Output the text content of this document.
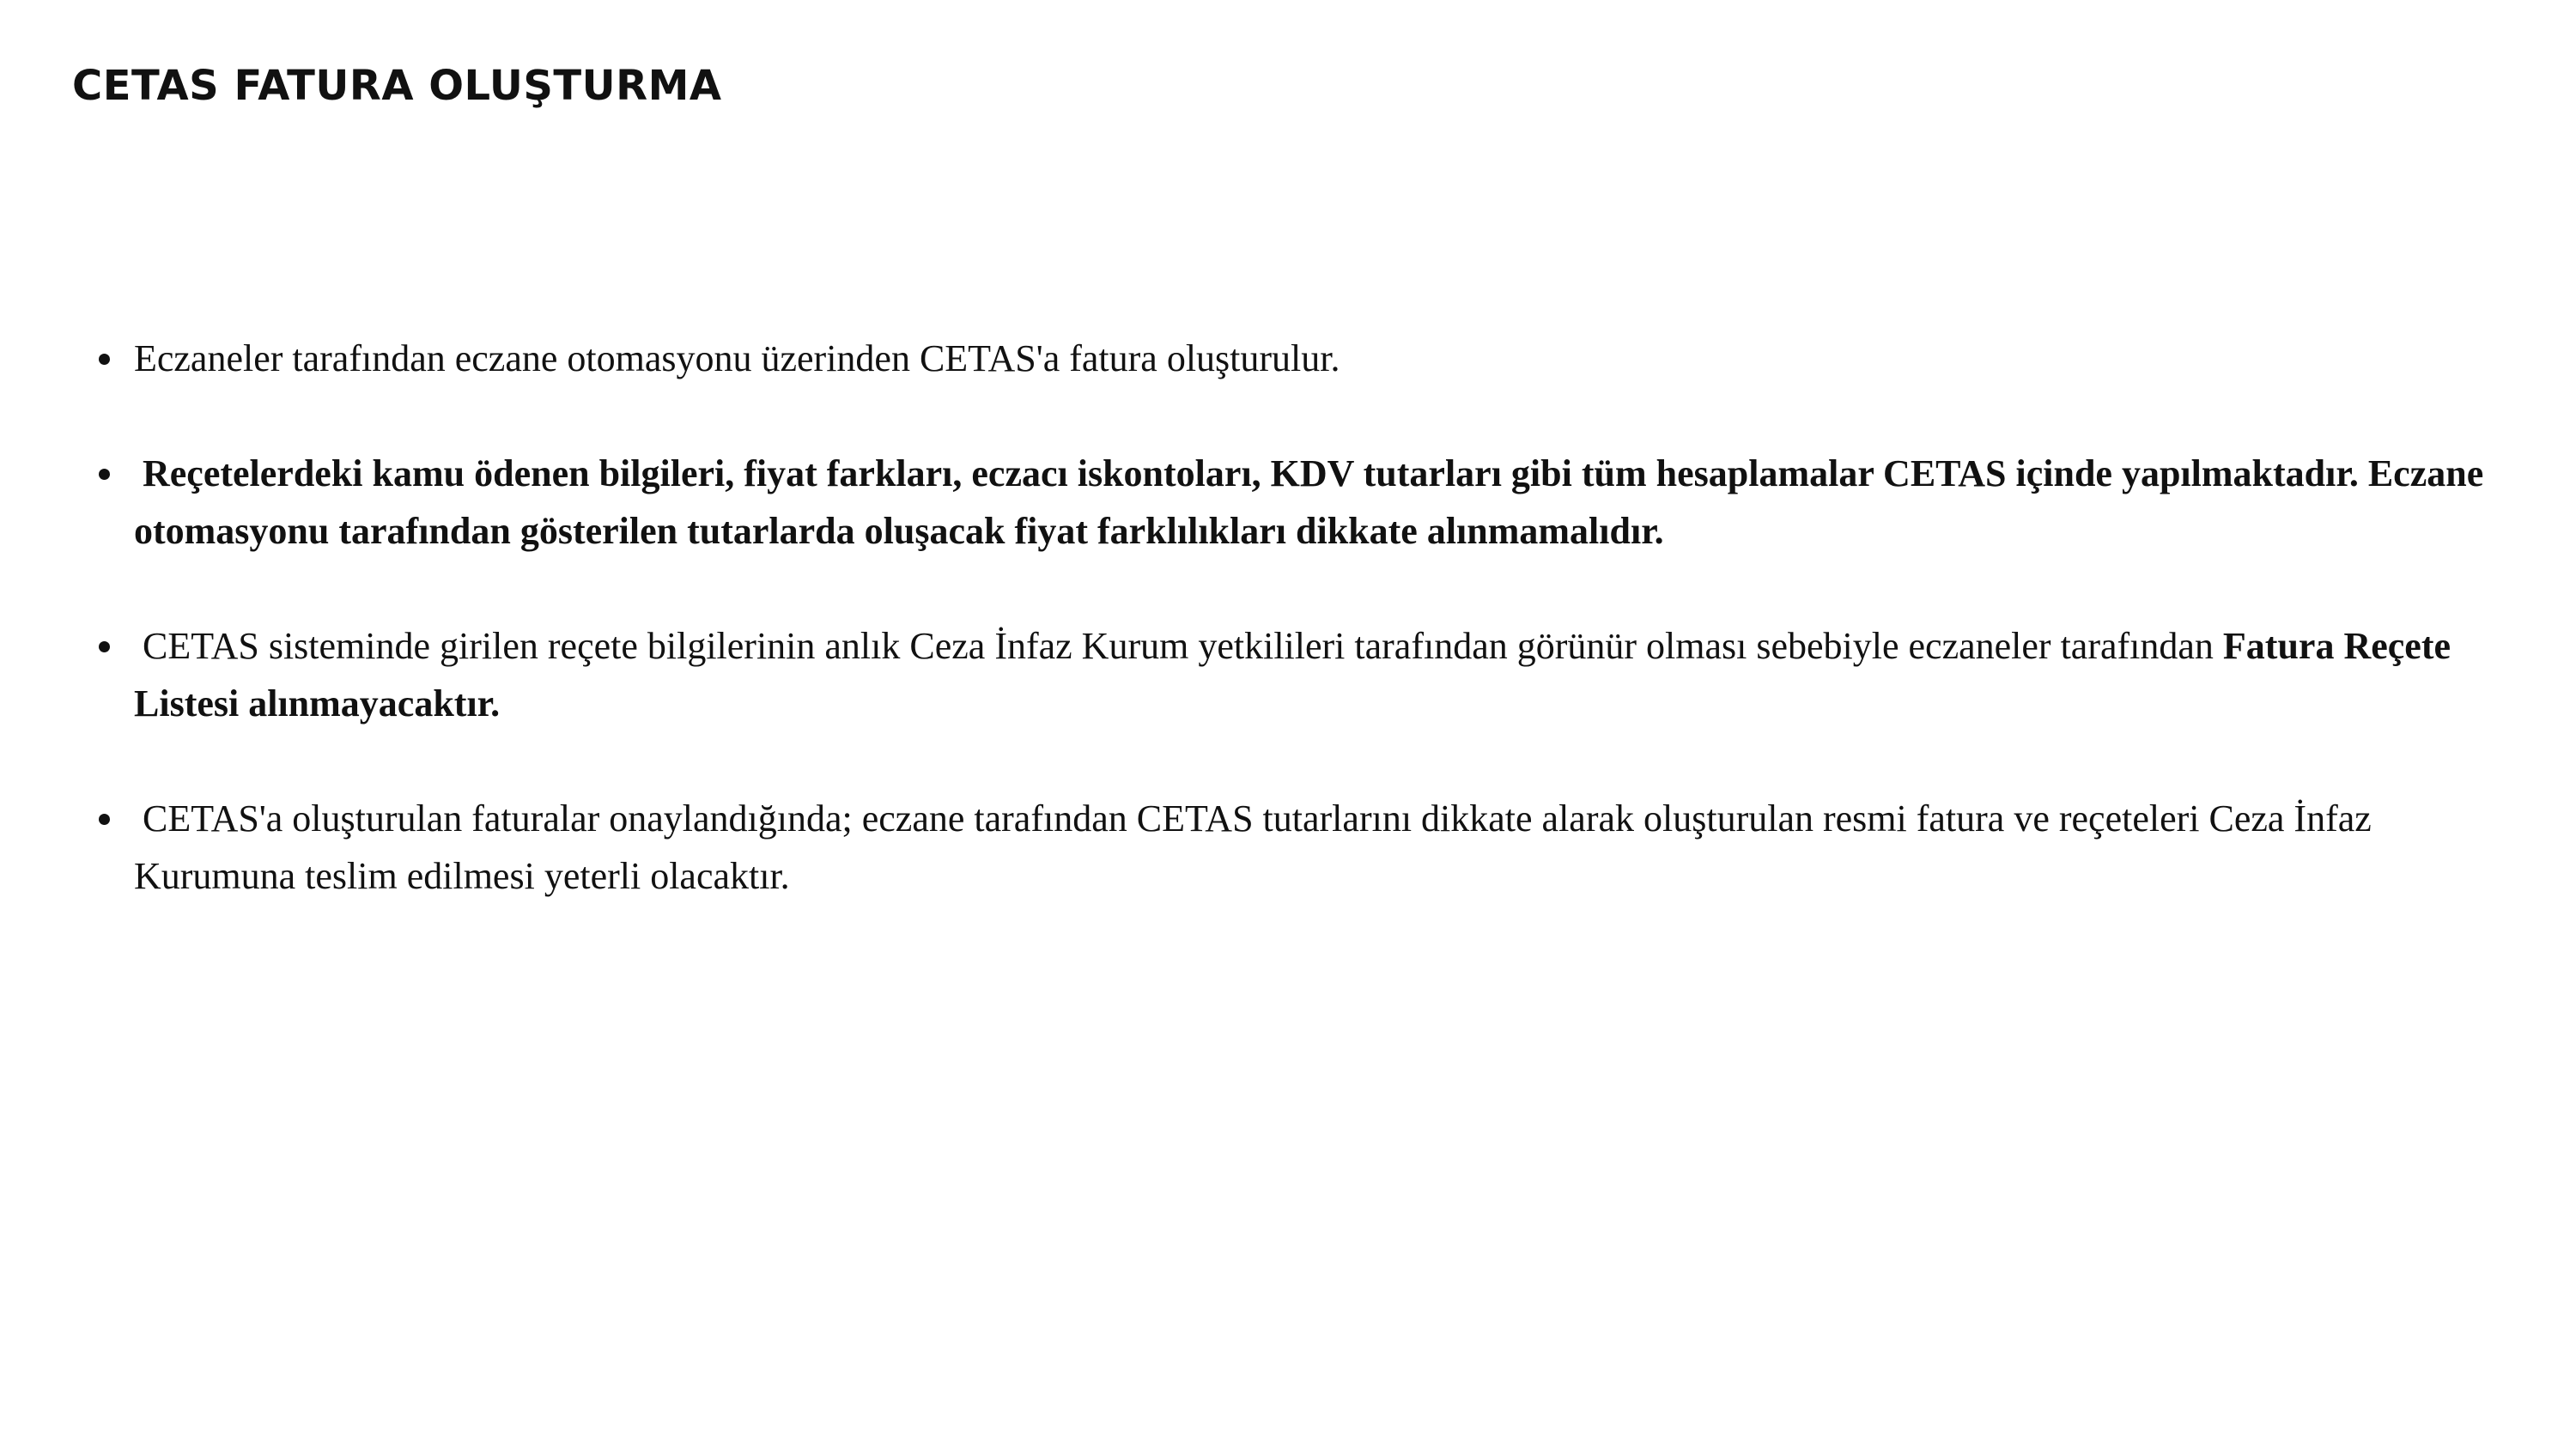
CETAS FATURA OLUŞTURMA
Eczaneler tarafından eczane otomasyonu üzerinden CETAS'a fatura oluşturulur.
Reçetelerdeki kamu ödenen bilgileri, fiyat farkları, eczacı iskontoları, KDV tutarları gibi tüm hesaplamalar CETAS içinde yapılmaktadır. Eczane otomasyonu tarafından gösterilen tutarlarda oluşacak fiyat farklılıkları dikkate alınmamalıdır.
CETAS sisteminde girilen reçete bilgilerinin anlık Ceza İnfaz Kurum yetkilileri tarafından görünür olması sebebiyle eczaneler tarafından Fatura Reçete Listesi alınmayacaktır.
CETAS'a oluşturulan faturalar onaylandığında; eczane tarafından CETAS tutarlarını dikkate alarak oluşturulan resmi fatura ve reçeteleri Ceza İnfaz Kurumuna teslim edilmesi yeterli olacaktır.
